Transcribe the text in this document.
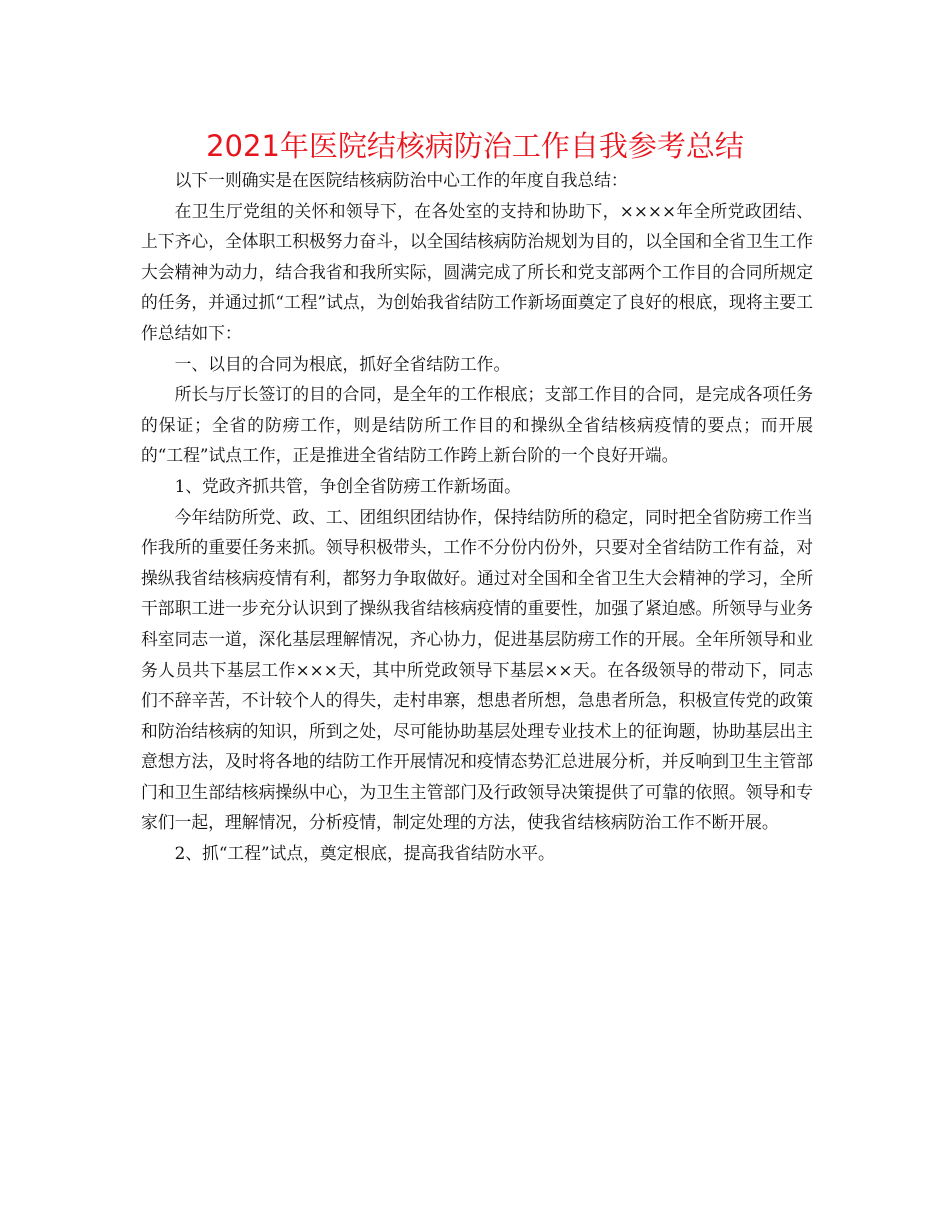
2021年医院结核病防治工作自我参考总结

以下一则确实是在医院结核病防治中心工作的年度自我总结：

在卫生厅党组的关怀和领导下，在各处室的支持和协助下，××××年全所党政团结、上下齐心，全体职工积极努力奋斗，以全国结核病防治规划为目的，以全国和全省卫生工作大会精神为动力，结合我省和我所实际，圆满完成了所长和党支部两个工作目的合同所规定的任务，并通过抓“工程”试点，为创始我省结防工作新场面奠定了良好的根底，现将主要工作总结如下：

一、以目的合同为根底，抓好全省结防工作。

所长与厅长签订的目的合同，是全年的工作根底；支部工作目的合同，是完成各项任务的保证；全省的防痨工作，则是结防所工作目的和操纵全省结核病疫情的要点；而开展的“工程”试点工作，正是推进全省结防工作跨上新台阶的一个良好开端。

1、党政齐抓共管，争创全省防痨工作新场面。

今年结防所党、政、工、团组织团结协作，保持结防所的稳定，同时把全省防痨工作当作我所的重要任务来抓。领导积极带头，工作不分份内份外，只要对全省结防工作有益，对操纵我省结核病疫情有利，都努力争取做好。通过对全国和全省卫生大会精神的学习，全所干部职工进一步充分认识到了操纵我省结核病疫情的重要性，加强了紧迫感。所领导与业务科室同志一道，深化基层理解情况，齐心协力，促进基层防痨工作的开展。全年所领导和业务人员共下基层工作×××天，其中所党政领导下基层××天。在各级领导的带动下，同志们不辞辛苦，不计较个人的得失，走村串寨，想患者所想，急患者所急，积极宣传党的政策和防治结核病的知识，所到之处，尽可能协助基层处理专业技术上的征询题，协助基层出主意想方法，及时将各地的结防工作开展情况和疫情态势汇总进展分析，并反响到卫生主管部门和卫生部结核病操纵中心，为卫生主管部门及行政领导决策提供了可靠的依照。领导和专家们一起，理解情况，分析疫情，制定处理的方法，使我省结核病防治工作不断开展。

2、抓“工程”试点，奠定根底，提高我省结防水平。
